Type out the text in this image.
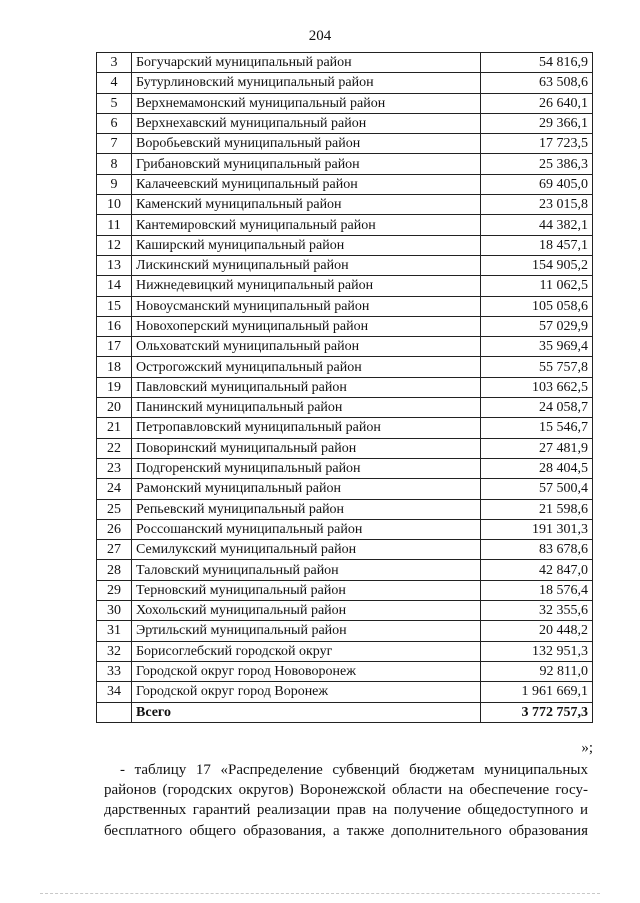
204
3	Богучарский муниципальный район	54 816,9
4	Бутурлиновский муниципальный район	63 508,6
5	Верхнемамонский муниципальный район	26 640,1
6	Верхнехавский муниципальный район	29 366,1
7	Воробьевский муниципальный район	17 723,5
8	Грибановский муниципальный район	25 386,3
9	Калачеевский муниципальный район	69 405,0
10	Каменский муниципальный район	23 015,8
11	Кантемировский муниципальный район	44 382,1
12	Каширский муниципальный район	18 457,1
13	Лискинский муниципальный район	154 905,2
14	Нижнедевицкий муниципальный район	11 062,5
15	Новоусманский муниципальный район	105 058,6
16	Новохоперский муниципальный район	57 029,9
17	Ольховатский муниципальный район	35 969,4
18	Острогожский муниципальный район	55 757,8
19	Павловский муниципальный район	103 662,5
20	Панинский муниципальный район	24 058,7
21	Петропавловский муниципальный район	15 546,7
22	Поворинский муниципальный район	27 481,9
23	Подгоренский муниципальный район	28 404,5
24	Рамонский муниципальный район	57 500,4
25	Репьевский муниципальный район	21 598,6
26	Россошанский муниципальный район	191 301,3
27	Семилукский муниципальный район	83 678,6
28	Таловский муниципальный район	42 847,0
29	Терновский муниципальный район	18 576,4
30	Хохольский муниципальный район	32 355,6
31	Эртильский муниципальный район	20 448,2
32	Борисоглебский городской округ	132 951,3
33	Городской округ город Нововоронеж	92 811,0
34	Городской округ город Воронеж	1 961 669,1
	Всего	3 772 757,3
»;
- таблицу 17 «Распределение субвенций бюджетам муниципальных
районов (городских округов) Воронежской области на обеспечение госу-
дарственных гарантий реализации прав на получение общедоступного и
бесплатного общего образования, а также дополнительного образования
